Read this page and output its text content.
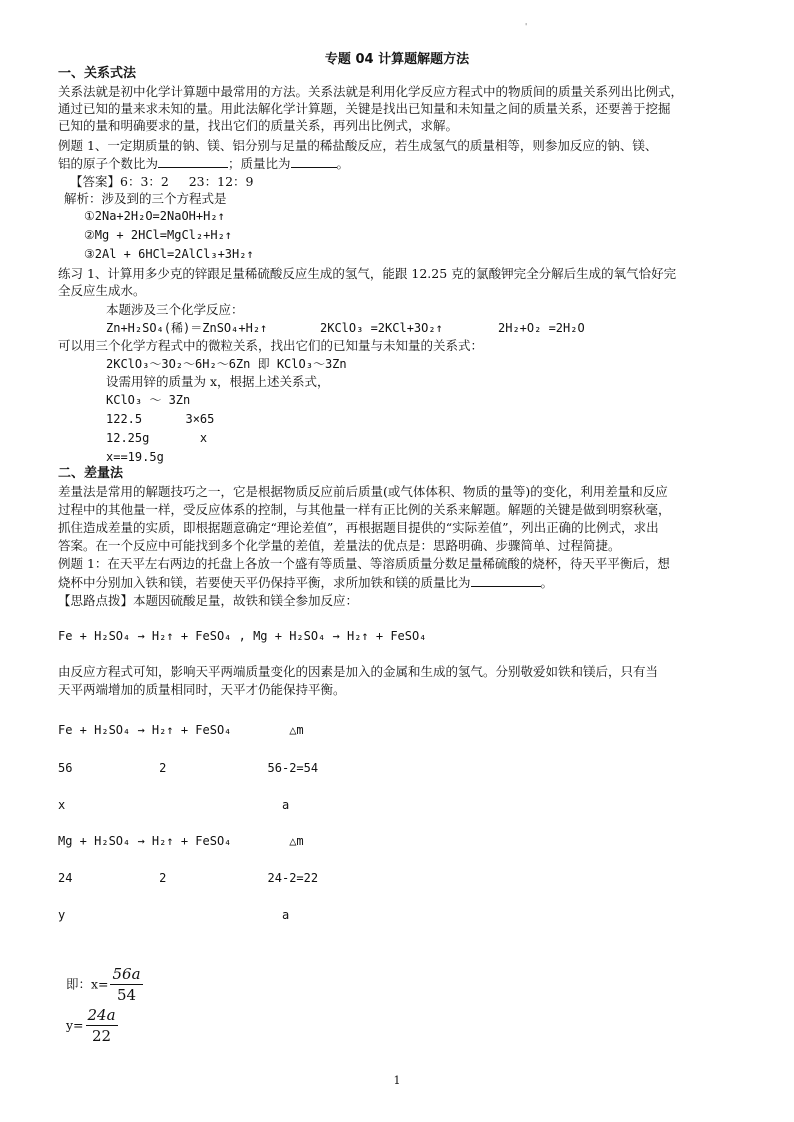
'
专题 04 计算题解题方法
一、关系式法
关系法就是初中化学计算题中最常用的方法。关系法就是利用化学反应方程式中的物质间的质量关系列出比例式，
通过已知的量来求未知的量。用此法解化学计算题，关键是找出已知量和未知量之间的质量关系，还要善于挖掘
已知的量和明确要求的量，找出它们的质量关系，再列出比例式，求解。
例题 1、一定期质量的钠、镁、铝分别与足量的稀盐酸反应，若生成氢气的质量相等，则参加反应的钠、镁、
铝的原子个数比为	；质量比为	。
【答案】6：3：2     23：12：9
解析：涉及到的三个方程式是
①2Na+2H₂O=2NaOH+H₂↑
②Mg + 2HCl=MgCl₂+H₂↑
③2Al + 6HCl=2AlCl₃+3H₂↑
练习 1、计算用多少克的锌跟足量稀硫酸反应生成的氢气，能跟 12.25 克的氯酸钾完全分解后生成的氧气恰好完
全反应生成水。
本题涉及三个化学反应：
Zn+H₂SO₄(稀)＝ZnSO₄+H₂↑	2KClO₃ =2KCl+3O₂↑	2H₂+O₂ =2H₂O
可以用三个化学方程式中的微粒关系，找出它们的已知量与未知量的关系式：
2KClO₃～3O₂～6H₂～6Zn 即 KClO₃～3Zn
设需用锌的质量为 x，根据上述关系式，
KClO₃ ～ 3Zn
122.5      3×65
12.25g       x
x==19.5g
二、差量法
差量法是常用的解题技巧之一，它是根据物质反应前后质量(或气体体积、物质的量等)的变化，利用差量和反应
过程中的其他量一样，受反应体系的控制，与其他量一样有正比例的关系来解题。解题的关键是做到明察秋毫，
抓住造成差量的实质，即根据题意确定“理论差值”，再根据题目提供的“实际差值”，列出正确的比例式，求出
答案。在一个反应中可能找到多个化学量的差值，差量法的优点是：思路明确、步骤简单、过程简捷。
例题 1：在天平左右两边的托盘上各放一个盛有等质量、等溶质质量分数足量稀硫酸的烧杯，待天平平衡后，想
烧杯中分别加入铁和镁，若要使天平仍保持平衡，求所加铁和镁的质量比为	。
【思路点拨】本题因硫酸足量，故铁和镁全参加反应：
Fe + H₂SO₄ → H₂↑ + FeSO₄ , Mg + H₂SO₄ → H₂↑ + FeSO₄
由反应方程式可知，影响天平两端质量变化的因素是加入的金属和生成的氢气。分别敬爱如铁和镁后，只有当
天平两端增加的质量相同时，天平才仍能保持平衡。
Fe + H₂SO₄ → H₂↑ + FeSO₄        △m
56            2              56-2=54
x                              a
Mg + H₂SO₄ → H₂↑ + FeSO₄        △m
24            2              24-2=22
y                              a

即：$x= \frac{56a}{54}$

$y= \frac{24a}{22}$

1
